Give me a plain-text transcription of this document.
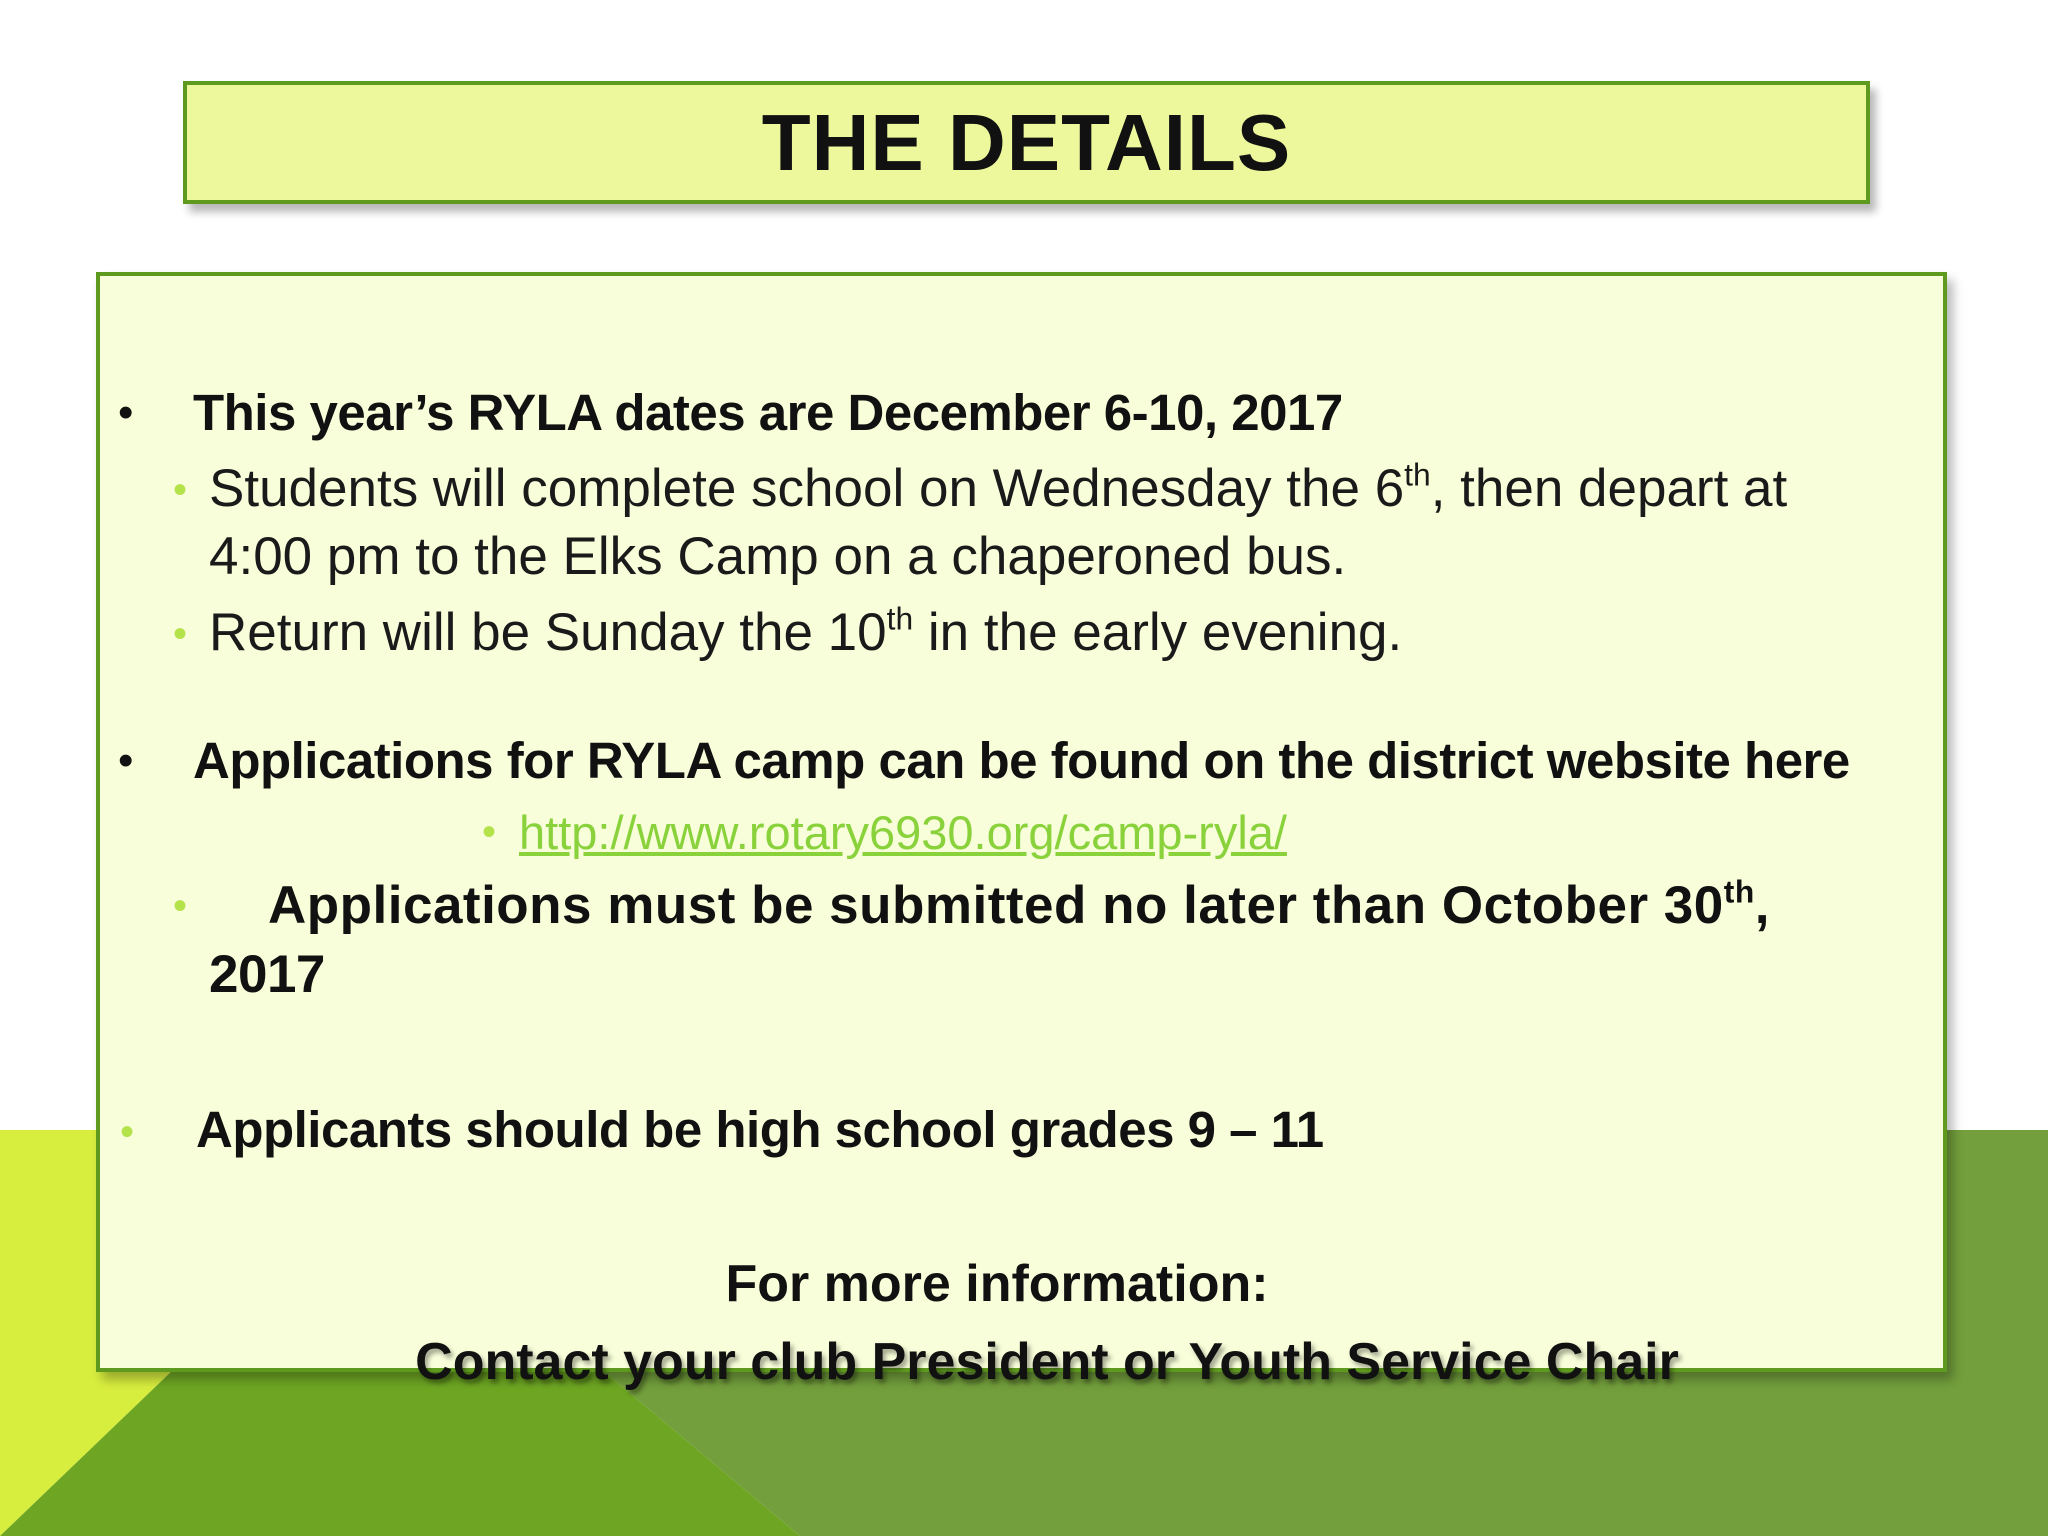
THE DETAILS
• This year’s RYLA dates are December 6-10, 2017
• Students will complete school on Wednesday the 6th, then depart at
4:00 pm to the Elks Camp on a chaperoned bus.
• Return will be Sunday the 10th in the early evening.
• Applications for RYLA camp can be found on the district website here
• http://www.rotary6930.org/camp-ryla/
• Applications must be submitted no later than October 30th,
2017
• Applicants should be high school grades 9 – 11
For more information:
Contact your club President or Youth Service Chair
